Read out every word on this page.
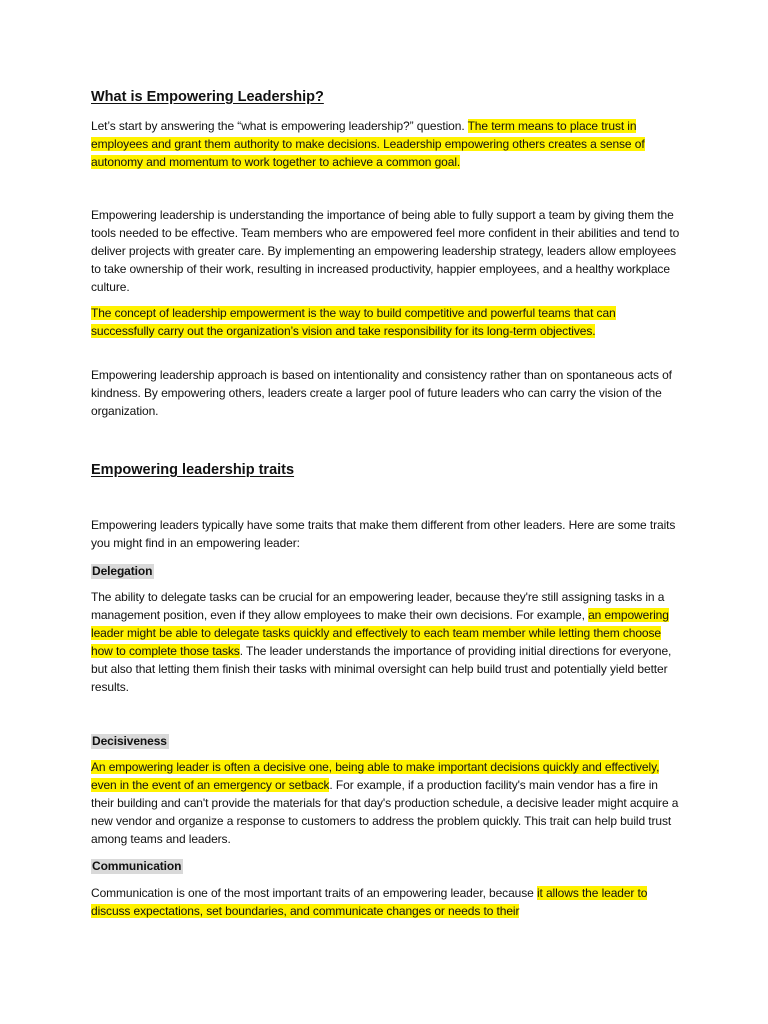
What is Empowering Leadership?

Let’s start by answering the “what is empowering leadership?” question. The term means to place trust in employees and grant them authority to make decisions. Leadership empowering others creates a sense of autonomy and momentum to work together to achieve a common goal.

Empowering leadership is understanding the importance of being able to fully support a team by giving them the tools needed to be effective. Team members who are empowered feel more confident in their abilities and tend to deliver projects with greater care. By implementing an empowering leadership strategy, leaders allow employees to take ownership of their work, resulting in increased productivity, happier employees, and a healthy workplace culture.

The concept of leadership empowerment is the way to build competitive and powerful teams that can successfully carry out the organization’s vision and take responsibility for its long-term objectives.

Empowering leadership approach is based on intentionality and consistency rather than on spontaneous acts of kindness. By empowering others, leaders create a larger pool of future leaders who can carry the vision of the organization.

Empowering leadership traits

Empowering leaders typically have some traits that make them different from other leaders. Here are some traits you might find in an empowering leader:

Delegation

The ability to delegate tasks can be crucial for an empowering leader, because they're still assigning tasks in a management position, even if they allow employees to make their own decisions. For example, an empowering leader might be able to delegate tasks quickly and effectively to each team member while letting them choose how to complete those tasks. The leader understands the importance of providing initial directions for everyone, but also that letting them finish their tasks with minimal oversight can help build trust and potentially yield better results.

Decisiveness

An empowering leader is often a decisive one, being able to make important decisions quickly and effectively, even in the event of an emergency or setback. For example, if a production facility's main vendor has a fire in their building and can't provide the materials for that day's production schedule, a decisive leader might acquire a new vendor and organize a response to customers to address the problem quickly. This trait can help build trust among teams and leaders.

Communication

Communication is one of the most important traits of an empowering leader, because it allows the leader to discuss expectations, set boundaries, and communicate changes or needs to their
